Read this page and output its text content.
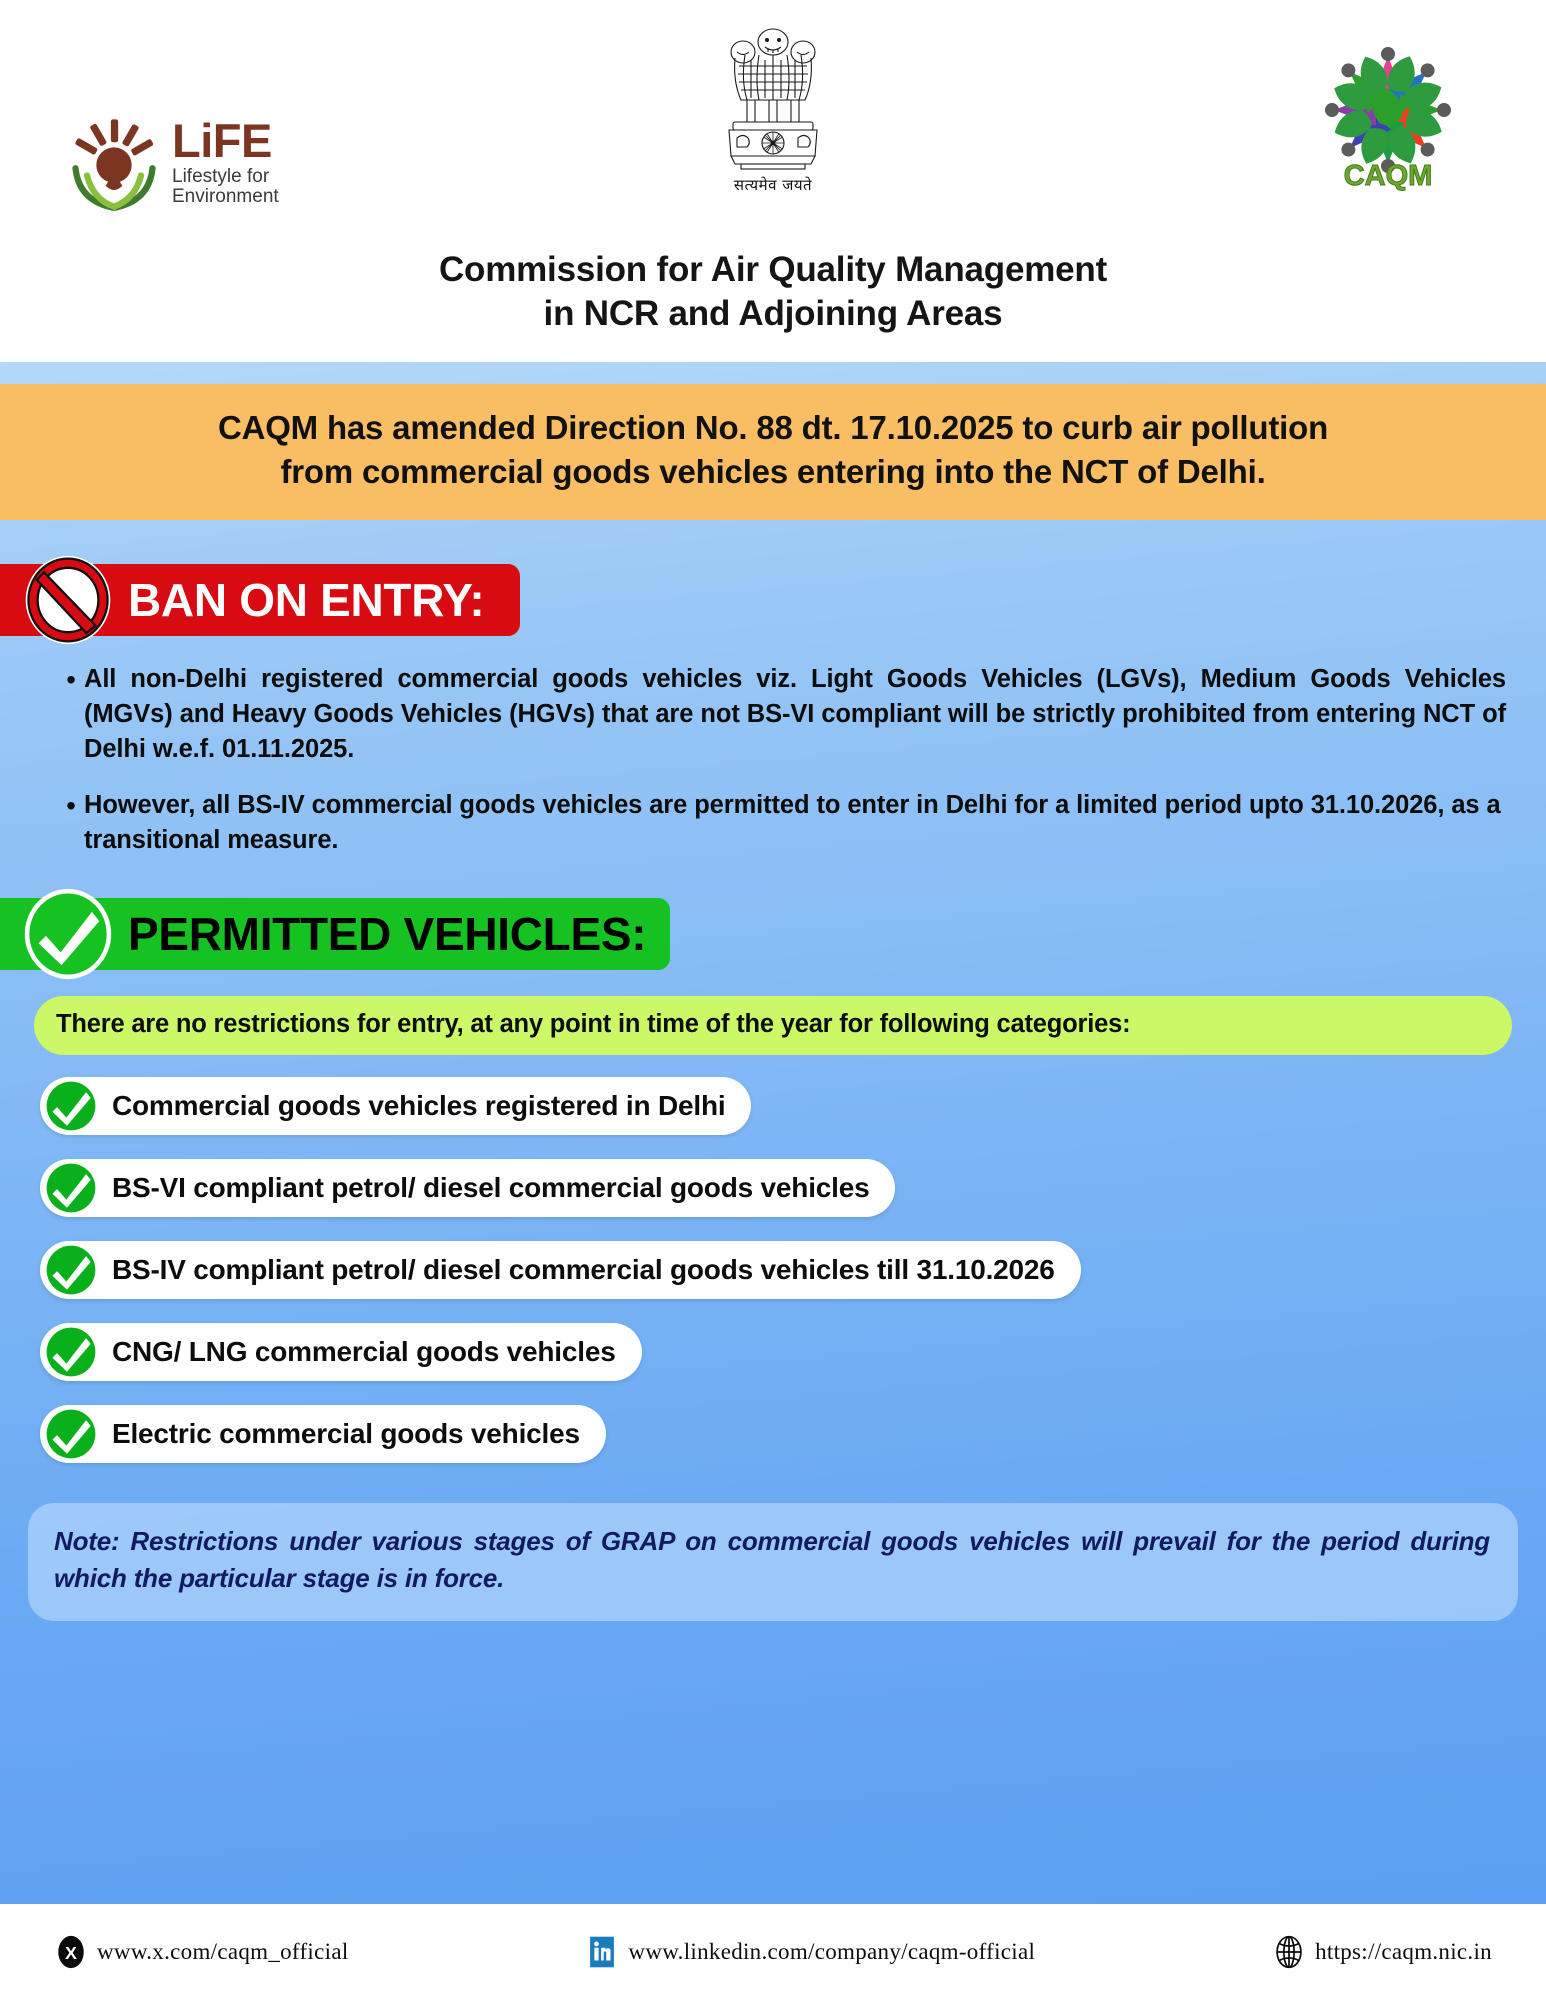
LiFE
Lifestyle for
Environment
सत्यमेव जयते	CAQM
Commission for Air Quality Management
in NCR and Adjoining Areas
CAQM has amended Direction No. 88 dt. 17.10.2025 to curb air pollution
from commercial goods vehicles entering into the NCT of Delhi.
BAN ON ENTRY:
• All non-Delhi registered commercial goods vehicles viz. Light Goods Vehicles (LGVs), Medium Goods Vehicles (MGVs) and Heavy Goods Vehicles (HGVs) that are not BS-VI compliant will be strictly prohibited from entering NCT of Delhi w.e.f. 01.11.2025.
• However, all BS-IV commercial goods vehicles are permitted to enter in Delhi for a limited period upto 31.10.2026, as a transitional measure.
PERMITTED VEHICLES:
There are no restrictions for entry, at any point in time of the year for following categories:
Commercial goods vehicles registered in Delhi
BS-VI compliant petrol/ diesel commercial goods vehicles
BS-IV compliant petrol/ diesel commercial goods vehicles till 31.10.2026
CNG/ LNG commercial goods vehicles
Electric commercial goods vehicles
Note: Restrictions under various stages of GRAP on commercial goods vehicles will prevail for the period during which the particular stage is in force.
X www.x.com/caqm_official	www.linkedin.com/company/caqm-official	https://caqm.nic.in
